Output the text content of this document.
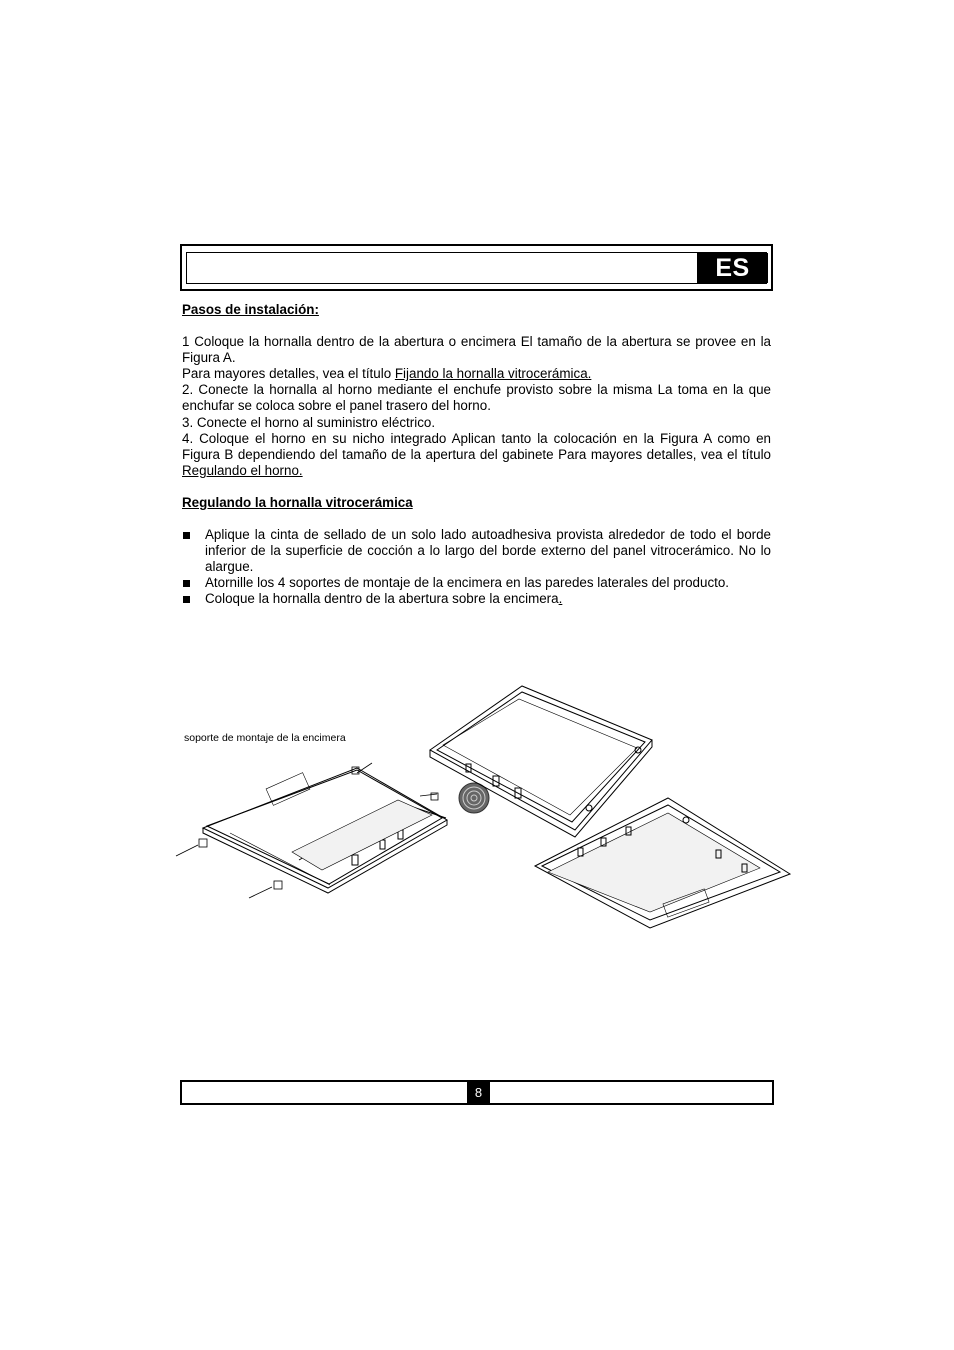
ES

Pasos de instalación:

1 Coloque la hornalla dentro de la abertura o encimera El tamaño de la abertura se provee en la Figura A.

Para mayores detalles, vea el título Fijando la hornalla vitrocerámica.

2. Conecte la hornalla al horno mediante el enchufe provisto sobre la misma La toma en la que enchufar se coloca sobre el panel trasero del horno.

3. Conecte el horno al suministro eléctrico.

4. Coloque el horno en su nicho integrado Aplican tanto la colocación en la Figura A como en Figura B dependiendo del tamaño de la apertura del gabinete Para mayores detalles, vea el título Regulando el horno.

Regulando la hornalla vitrocerámica

Aplique la cinta de sellado de un solo lado autoadhesiva provista alrededor de todo el borde inferior de la superficie de cocción a lo largo del borde externo del panel vitrocerámico. No lo alargue.
Atornille los 4 soportes de montaje de la encimera en las paredes laterales del producto.
Coloque la hornalla dentro de la abertura sobre la encimera.
soporte de montaje de la encimera
8
